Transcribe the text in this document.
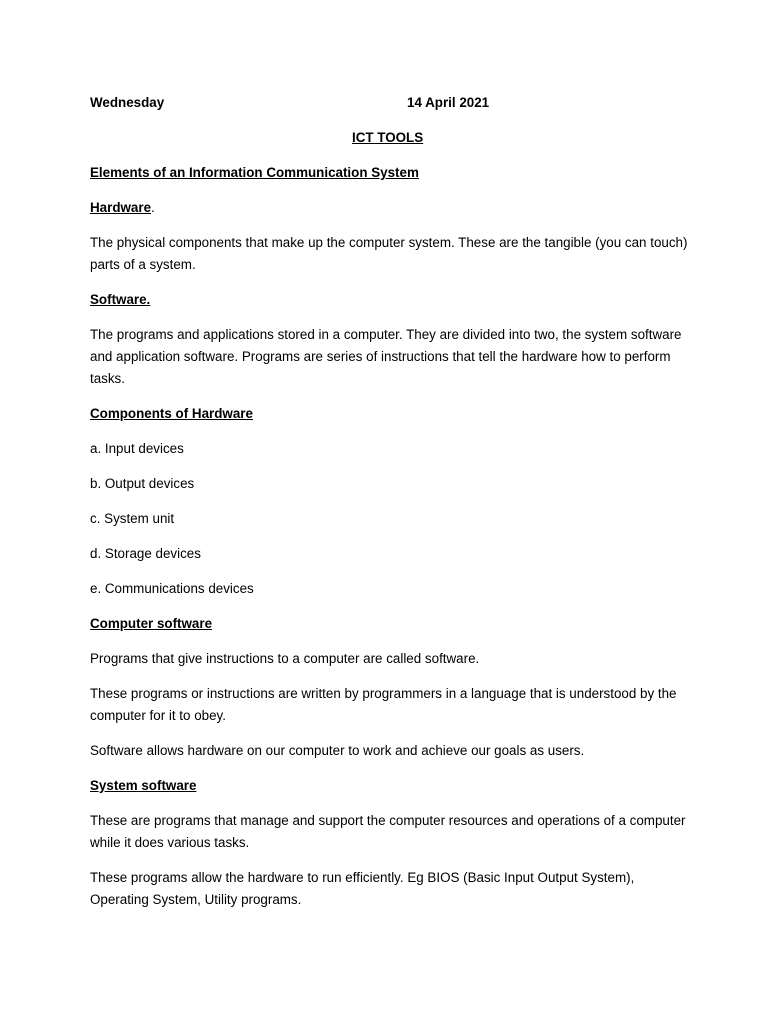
Wednesday	14 April 2021
ICT TOOLS
Elements of an Information Communication System
Hardware.

The physical components that make up the computer system. These are the tangible (you can touch) parts of a system.

Software.

The programs and applications stored in a computer. They are divided into two, the system software and application software. Programs are series of instructions that tell the hardware how to perform tasks.

Components of Hardware
a. Input devices
b. Output devices
c. System unit
d. Storage devices
e. Communications devices
Computer software

Programs that give instructions to a computer are called software.

These programs or instructions are written by programmers in a language that is understood by the computer for it to obey.

Software allows hardware on our computer to work and achieve our goals as users.

System software

These are programs that manage and support the computer resources and operations of a computer while it does various tasks.

These programs allow the hardware to run efficiently. Eg BIOS (Basic Input Output System), Operating System, Utility programs.
